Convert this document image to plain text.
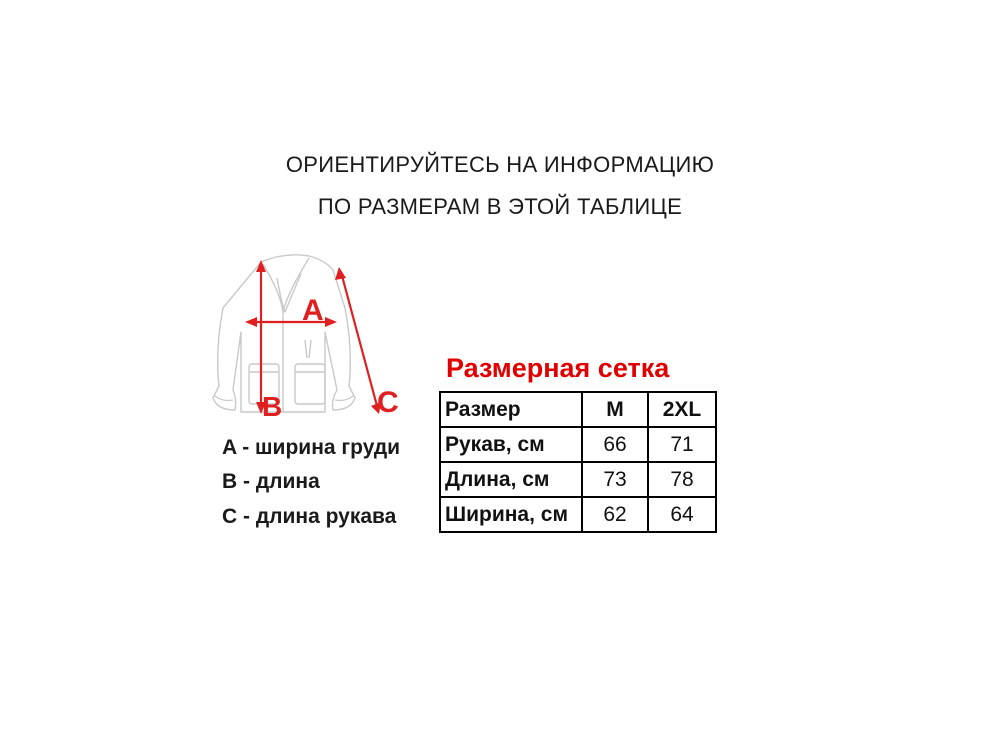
ОРИЕНТИРУЙТЕСЬ НА ИНФОРМАЦИЮ
ПО РАЗМЕРАМ В ЭТОЙ ТАБЛИЦЕ
A
B	C
A - ширина груди
B - длина
C - длина рукава
Размерная сетка
Размер	M	2XL
Рукав, см	66	71
Длина, см	73	78
Ширина, см	62	64
